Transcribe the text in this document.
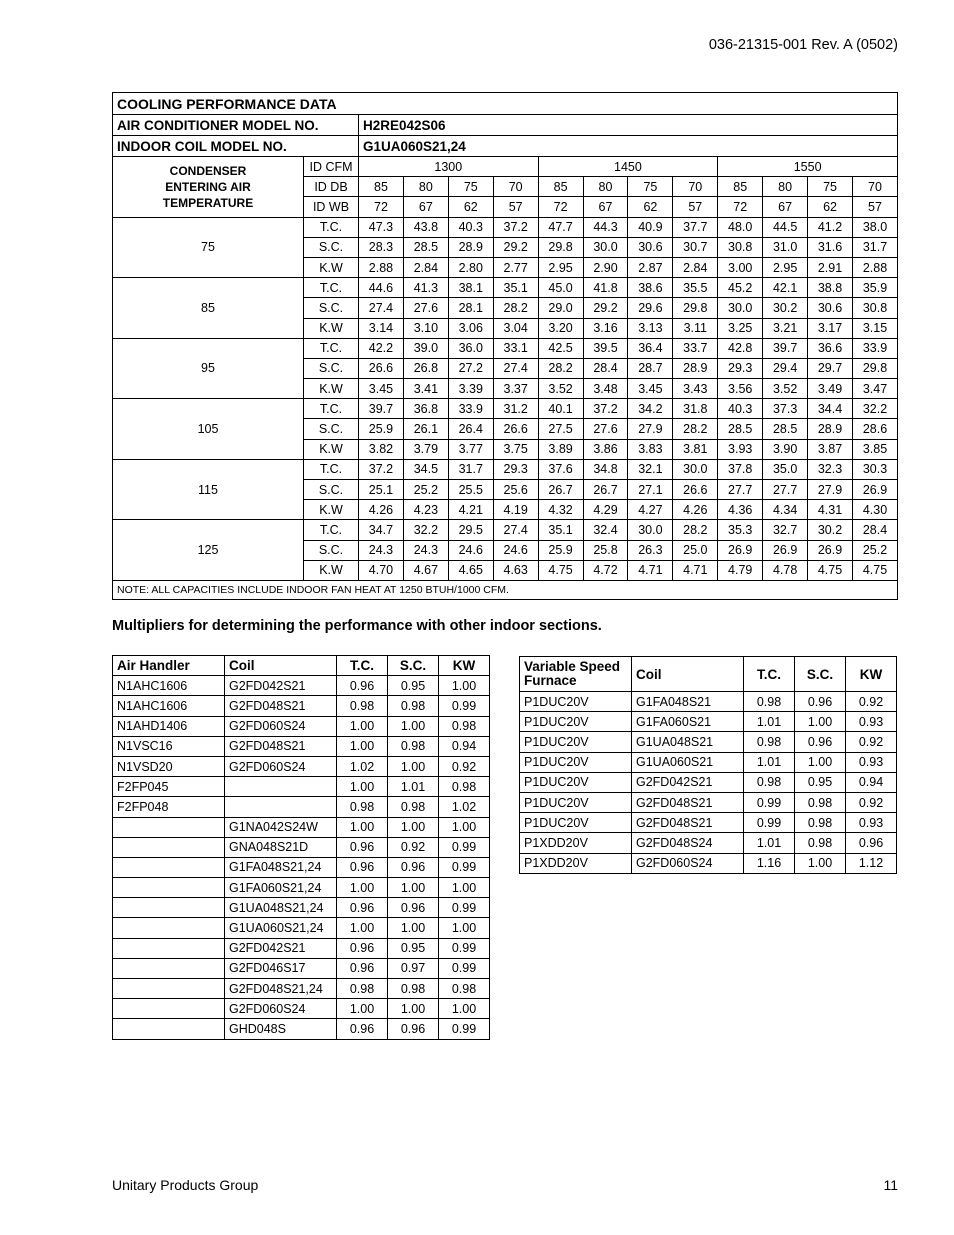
036-21315-001 Rev. A (0502)
COOLING PERFORMANCE DATA													
AIR CONDITIONER MODEL NO.		H2RE042S06											
INDOOR COIL MODEL NO.		G1UA060S21,24											

CONDENSER
ENTERING AIR
TEMPERATURE	ID CFM	1300				1450				1550			
	ID DB	85	80	75	70	85	80	75	70	85	80	75	70
	ID WB	72	67	62	57	72	67	62	57	72	67	62	57
75	T.C.	47.3	43.8	40.3	37.2	47.7	44.3	40.9	37.7	48.0	44.5	41.2	38.0
	S.C.	28.3	28.5	28.9	29.2	29.8	30.0	30.6	30.7	30.8	31.0	31.6	31.7
	K.W	2.88	2.84	2.80	2.77	2.95	2.90	2.87	2.84	3.00	2.95	2.91	2.88
85	T.C.	44.6	41.3	38.1	35.1	45.0	41.8	38.6	35.5	45.2	42.1	38.8	35.9
	S.C.	27.4	27.6	28.1	28.2	29.0	29.2	29.6	29.8	30.0	30.2	30.6	30.8
	K.W	3.14	3.10	3.06	3.04	3.20	3.16	3.13	3.11	3.25	3.21	3.17	3.15
95	T.C.	42.2	39.0	36.0	33.1	42.5	39.5	36.4	33.7	42.8	39.7	36.6	33.9
	S.C.	26.6	26.8	27.2	27.4	28.2	28.4	28.7	28.9	29.3	29.4	29.7	29.8
	K.W	3.45	3.41	3.39	3.37	3.52	3.48	3.45	3.43	3.56	3.52	3.49	3.47
105	T.C.	39.7	36.8	33.9	31.2	40.1	37.2	34.2	31.8	40.3	37.3	34.4	32.2
	S.C.	25.9	26.1	26.4	26.6	27.5	27.6	27.9	28.2	28.5	28.5	28.9	28.6
	K.W	3.82	3.79	3.77	3.75	3.89	3.86	3.83	3.81	3.93	3.90	3.87	3.85
115	T.C.	37.2	34.5	31.7	29.3	37.6	34.8	32.1	30.0	37.8	35.0	32.3	30.3
	S.C.	25.1	25.2	25.5	25.6	26.7	26.7	27.1	26.6	27.7	27.7	27.9	26.9
	K.W	4.26	4.23	4.21	4.19	4.32	4.29	4.27	4.26	4.36	4.34	4.31	4.30
125	T.C.	34.7	32.2	29.5	27.4	35.1	32.4	30.0	28.2	35.3	32.7	30.2	28.4
	S.C.	24.3	24.3	24.6	24.6	25.9	25.8	26.3	25.0	26.9	26.9	26.9	25.2
	K.W	4.70	4.67	4.65	4.63	4.75	4.72	4.71	4.71	4.79	4.78	4.75	4.75
NOTE: ALL CAPACITIES INCLUDE INDOOR FAN HEAT AT 1250 BTUH/1000 CFM.													
Multipliers for determining the performance with other indoor sections.
Air Handler	Coil	T.C.	S.C.	KW
N1AHC1606	G2FD042S21	0.96	0.95	1.00
N1AHC1606	G2FD048S21	0.98	0.98	0.99
N1AHD1406	G2FD060S24	1.00	1.00	0.98
N1VSC16	G2FD048S21	1.00	0.98	0.94
N1VSD20	G2FD060S24	1.02	1.00	0.92
F2FP045		1.00	1.01	0.98
F2FP048		0.98	0.98	1.02
	G1NA042S24W	1.00	1.00	1.00
	GNA048S21D	0.96	0.92	0.99
	G1FA048S21,24	0.96	0.96	0.99
	G1FA060S21,24	1.00	1.00	1.00
	G1UA048S21,24	0.96	0.96	0.99
	G1UA060S21,24	1.00	1.00	1.00
	G2FD042S21	0.96	0.95	0.99
	G2FD046S17	0.96	0.97	0.99
	G2FD048S21,24	0.98	0.98	0.98
	G2FD060S24	1.00	1.00	1.00
	GHD048S	0.96	0.96	0.99
Variable Speed
Furnace	Coil	T.C.	S.C.	KW
P1DUC20V	G1FA048S21	0.98	0.96	0.92
P1DUC20V	G1FA060S21	1.01	1.00	0.93
P1DUC20V	G1UA048S21	0.98	0.96	0.92
P1DUC20V	G1UA060S21	1.01	1.00	0.93
P1DUC20V	G2FD042S21	0.98	0.95	0.94
P1DUC20V	G2FD048S21	0.99	0.98	0.92
P1DUC20V	G2FD048S21	0.99	0.98	0.93
P1XDD20V	G2FD048S24	1.01	0.98	0.96
P1XDD20V	G2FD060S24	1.16	1.00	1.12
Unitary Products Group	11
